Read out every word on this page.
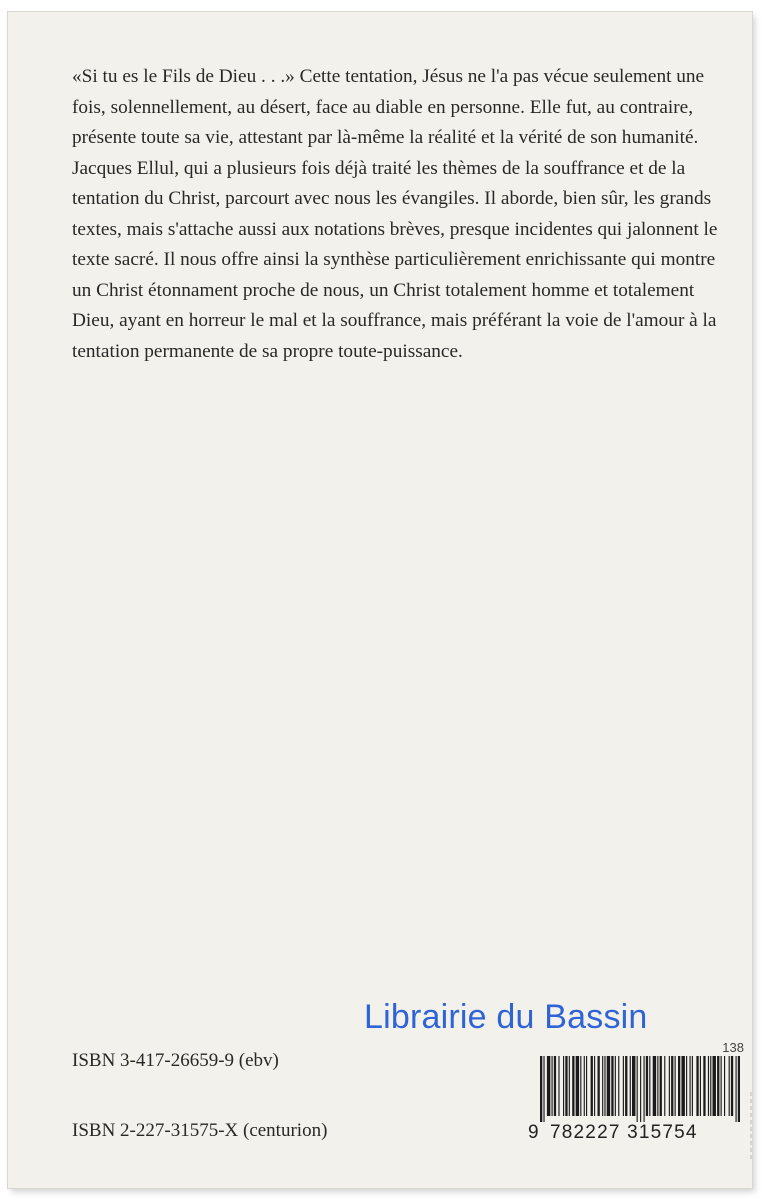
«Si tu es le Fils de Dieu . . .» Cette tentation, Jésus ne l'a pas vécue seulement une fois, solennellement, au désert, face au diable en personne. Elle fut, au contraire, présente toute sa vie, attestant par là-même la réalité et la vérité de son humanité.

Jacques Ellul, qui a plusieurs fois déjà traité les thèmes de la souffrance et de la tentation du Christ, parcourt avec nous les évangiles. Il aborde, bien sûr, les grands textes, mais s'attache aussi aux notations brèves, presque incidentes qui jalonnent le texte sacré. Il nous offre ainsi la synthèse particulièrement enrichissante qui montre un Christ étonnament proche de nous, un Christ totalement homme et totalement Dieu, ayant en horreur le mal et la souffrance, mais préférant la voie de l'amour à la tentation permanente de sa propre toute-puissance.

ISBN 3-417-26659-9 (ebv)
ISBN 2-227-31575-X (centurion)
138
9 782227 315754
Librairie du Bassin
